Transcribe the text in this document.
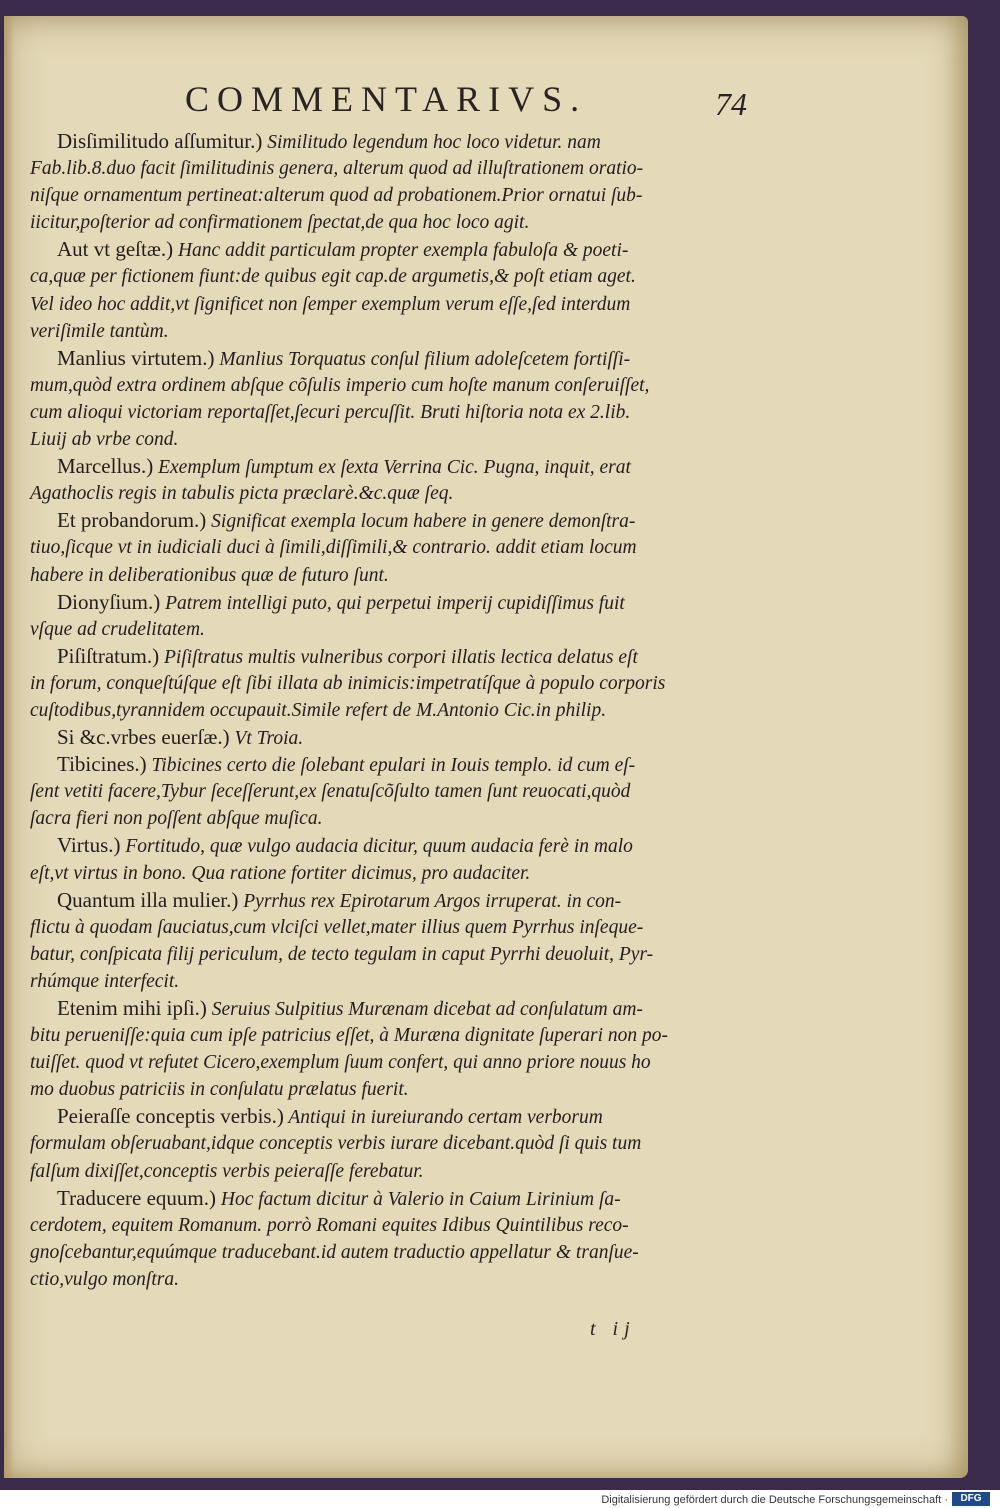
COMMENTARIVS.	74
Disſimilitudo aſſumitur.) Similitudo legendum hoc loco videtur. nam
Fab.lib.8.duo facit ſimilitudinis genera, alterum quod ad illuſtrationem oratio-
niſque ornamentum pertineat:alterum quod ad probationem.Prior ornatui ſub-
iicitur,poſterior ad confirmationem ſpectat,de qua hoc loco agit.
Aut vt geſtæ.) Hanc addit particulam propter exempla fabuloſa & poeti-
ca,quæ per fictionem fiunt:de quibus egit cap.de argumetis,& poſt etiam aget.
Vel ideo hoc addit,vt ſignificet non ſemper exemplum verum eſſe,ſed interdum
veriſimile tantùm.
Manlius virtutem.) Manlius Torquatus conſul filium adoleſcetem fortiſſi-
mum,quòd extra ordinem abſque cõſulis imperio cum hoſte manum conſeruiſſet,
cum alioqui victoriam reportaſſet,ſecuri percuſſit. Bruti hiſtoria nota ex 2.lib.
Liuij ab vrbe cond.
Marcellus.) Exemplum ſumptum ex ſexta Verrina Cic. Pugna, inquit, erat
Agathoclis regis in tabulis picta præclarè.&c.quæ ſeq.
Et probandorum.) Significat exempla locum habere in genere demonſtra-
tiuo,ſicque vt in iudiciali duci à ſimili,diſſimili,& contrario. addit etiam locum
habere in deliberationibus quæ de futuro ſunt.
Dionyſium.) Patrem intelligi puto, qui perpetui imperij cupidiſſimus fuit
vſque ad crudelitatem.
Piſiſtratum.) Piſiſtratus multis vulneribus corpori illatis lectica delatus eſt
in forum, conqueſtúſque eſt ſibi illata ab inimicis:impetratíſque à populo corporis
cuſtodibus,tyrannidem occupauit.Simile refert de M.Antonio Cic.in philip.
Si &c.vrbes euerſæ.) Vt Troia.
Tibicines.) Tibicines certo die ſolebant epulari in Iouis templo. id cum eſ-
ſent vetiti facere,Tybur ſeceſſerunt,ex ſenatuſcõſulto tamen ſunt reuocati,quòd
ſacra fieri non poſſent abſque muſica.
Virtus.) Fortitudo, quæ vulgo audacia dicitur, quum audacia ferè in malo
eſt,vt virtus in bono. Qua ratione fortiter dicimus, pro audaciter.
Quantum illa mulier.) Pyrrhus rex Epirotarum Argos irruperat. in con-
flictu à quodam ſauciatus,cum vlciſci vellet,mater illius quem Pyrrhus inſeque-
batur, conſpicata filij periculum, de tecto tegulam in caput Pyrrhi deuoluit, Pyr-
rhúmque interfecit.
Etenim mihi ipſi.) Seruius Sulpitius Murænam dicebat ad conſulatum am-
bitu perueniſſe:quia cum ipſe patricius eſſet, à Muræna dignitate ſuperari non po-
tuiſſet. quod vt refutet Cicero,exemplum ſuum confert, qui anno priore nouus ho
mo duobus patriciis in conſulatu prælatus fuerit.
Peieraſſe conceptis verbis.) Antiqui in iureiurando certam verborum
formulam obſeruabant,idque conceptis verbis iurare dicebant.quòd ſi quis tum
falſum dixiſſet,conceptis verbis peieraſſe ferebatur.
Traducere equum.) Hoc factum dicitur à Valerio in Caium Lirinium ſa-
cerdotem, equitem Romanum. porrò Romani equites Idibus Quintilibus reco-
gnoſcebantur,equúmque traducebant.id autem traductio appellatur & tranſue-
ctio,vulgo monſtra.
t ij
Digitalisierung gefördert durch die Deutsche Forschungsgemeinschaft ·	DFG
